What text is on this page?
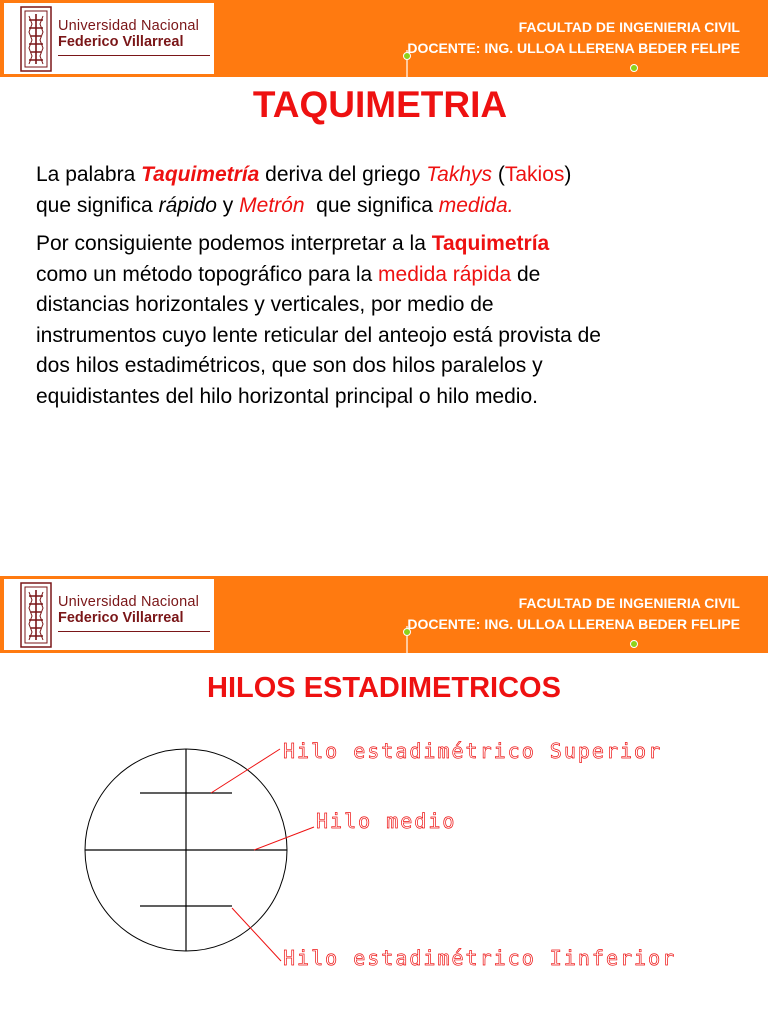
Universidad Nacional
Federico Villarreal
FACULTAD DE INGENIERIA CIVIL
DOCENTE: ING. ULLOA LLERENA BEDER FELIPE
TAQUIMETRIA
La palabra Taquimetría deriva del griego Takhys (Takios)
que significa rápido y Metrón  que significa medida.
Por consiguiente podemos interpretar a la Taquimetría
como un método topográfico para la medida rápida de
distancias horizontales y verticales, por medio de
instrumentos cuyo lente reticular del anteojo está provista de
dos hilos estadimétricos, que son dos hilos paralelos y
equidistantes del hilo horizontal principal o hilo medio.
Universidad Nacional
Federico Villarreal
FACULTAD DE INGENIERIA CIVIL
DOCENTE: ING. ULLOA LLERENA BEDER FELIPE
HILOS ESTADIMETRICOS
Hilo estadimétrico Superior
Hilo medio
Hilo estadimétrico Iinferior
